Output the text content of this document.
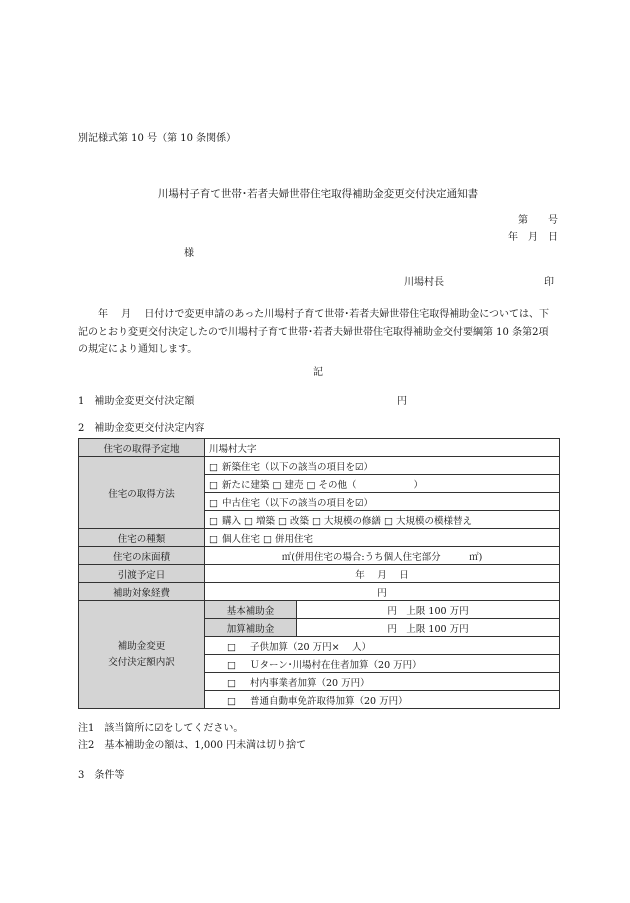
別記様式第 10 号（第 10 条関係）
川場村子育て世帯･若者夫婦世帯住宅取得補助金変更交付決定通知書
第　　号
年　月　日
様
川場村長	印
年　 月　 日付けで変更申請のあった川場村子育て世帯･若者夫婦世帯住宅取得補助金については、下記のとおり変更交付決定したので川場村子育て世帯･若者夫婦世帯住宅取得補助金交付要綱第 10 条第2項の規定により通知します。
記
1　補助金変更交付決定額	円
2　補助金変更交付決定内容
住宅の取得予定地	川場村大字	
住宅の取得方法	□ 新築住宅（以下の該当の項目を☑）	
	□ 新たに建築 □ 建売 □ その他（　　　　　　）	
	□ 中古住宅（以下の該当の項目を☑）	
	□ 購入 □ 増築 □ 改築 □ 大規模の修繕 □ 大規模の模様替え	
住宅の種類	□ 個人住宅 □ 併用住宅	
住宅の床面積	㎡(併用住宅の場合:うち個人住宅部分　　　㎡)	
引渡予定日	年　 月　 日	
補助対象経費	円	

補助金変更
交付決定額内訳	基本補助金	円　上限 100 万円
	加算補助金	円　上限 100 万円
	□ 子供加算（20 万円×　 人）	
	□ Ｕターン･川場村在住者加算（20 万円）	
	□ 村内事業者加算（20 万円）	
	□ 普通自動車免許取得加算（20 万円）	
注1　該当箇所に☑をしてください。
注2　基本補助金の額は、1,000 円未満は切り捨て
3　条件等
